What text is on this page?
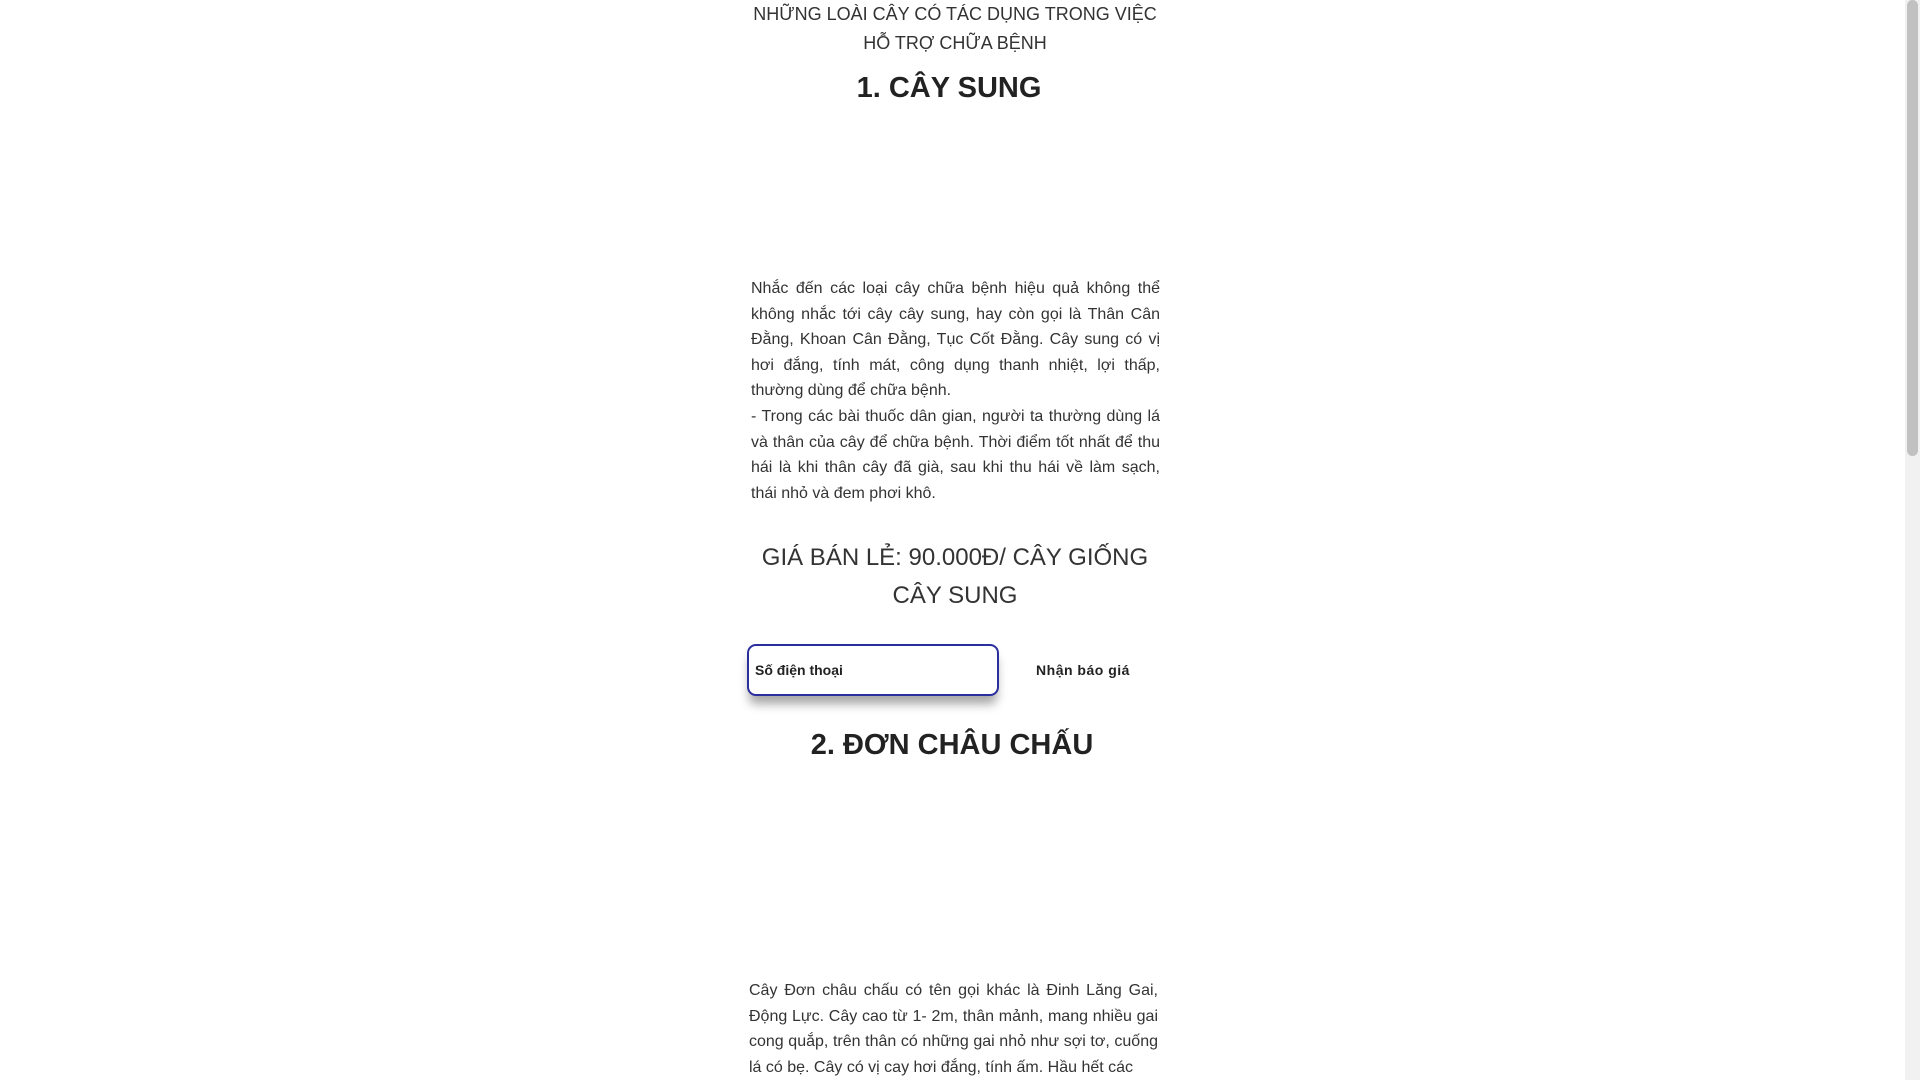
NHỮNG LOÀI CÂY CÓ TÁC DỤNG TRONG VIỆC HỖ TRỢ CHỮA BỆNH
1. CÂY SUNG

Nhắc đến các loại cây chữa bệnh hiệu quả không thể không nhắc tới cây cây sung, hay còn gọi là Thân Cân Đằng, Khoan Cân Đằng, Tục Cốt Đằng. Cây sung có vị hơi đắng, tính mát, công dụng thanh nhiệt, lợi thấp, thường dùng để chữa bệnh.

- Trong các bài thuốc dân gian, người ta thường dùng lá và thân của cây để chữa bệnh. Thời điểm tốt nhất để thu hái là khi thân cây đã già, sau khi thu hái về làm sạch, thái nhỏ và đem phơi khô.

GIÁ BÁN LẺ: 90.000Đ/ CÂY GIỐNG CÂY SUNG
Số điện thoại
Nhận báo giá
2. ĐƠN CHÂU CHẤU

Cây Đơn châu chấu có tên gọi khác là Đinh Lăng Gai, Động Lực. Cây cao từ 1- 2m, thân mảnh, mang nhiều gai cong quắp, trên thân có những gai nhỏ như sợi tơ, cuống lá có bẹ. Cây có vị cay hơi đắng, tính ấm. Hầu hết các
